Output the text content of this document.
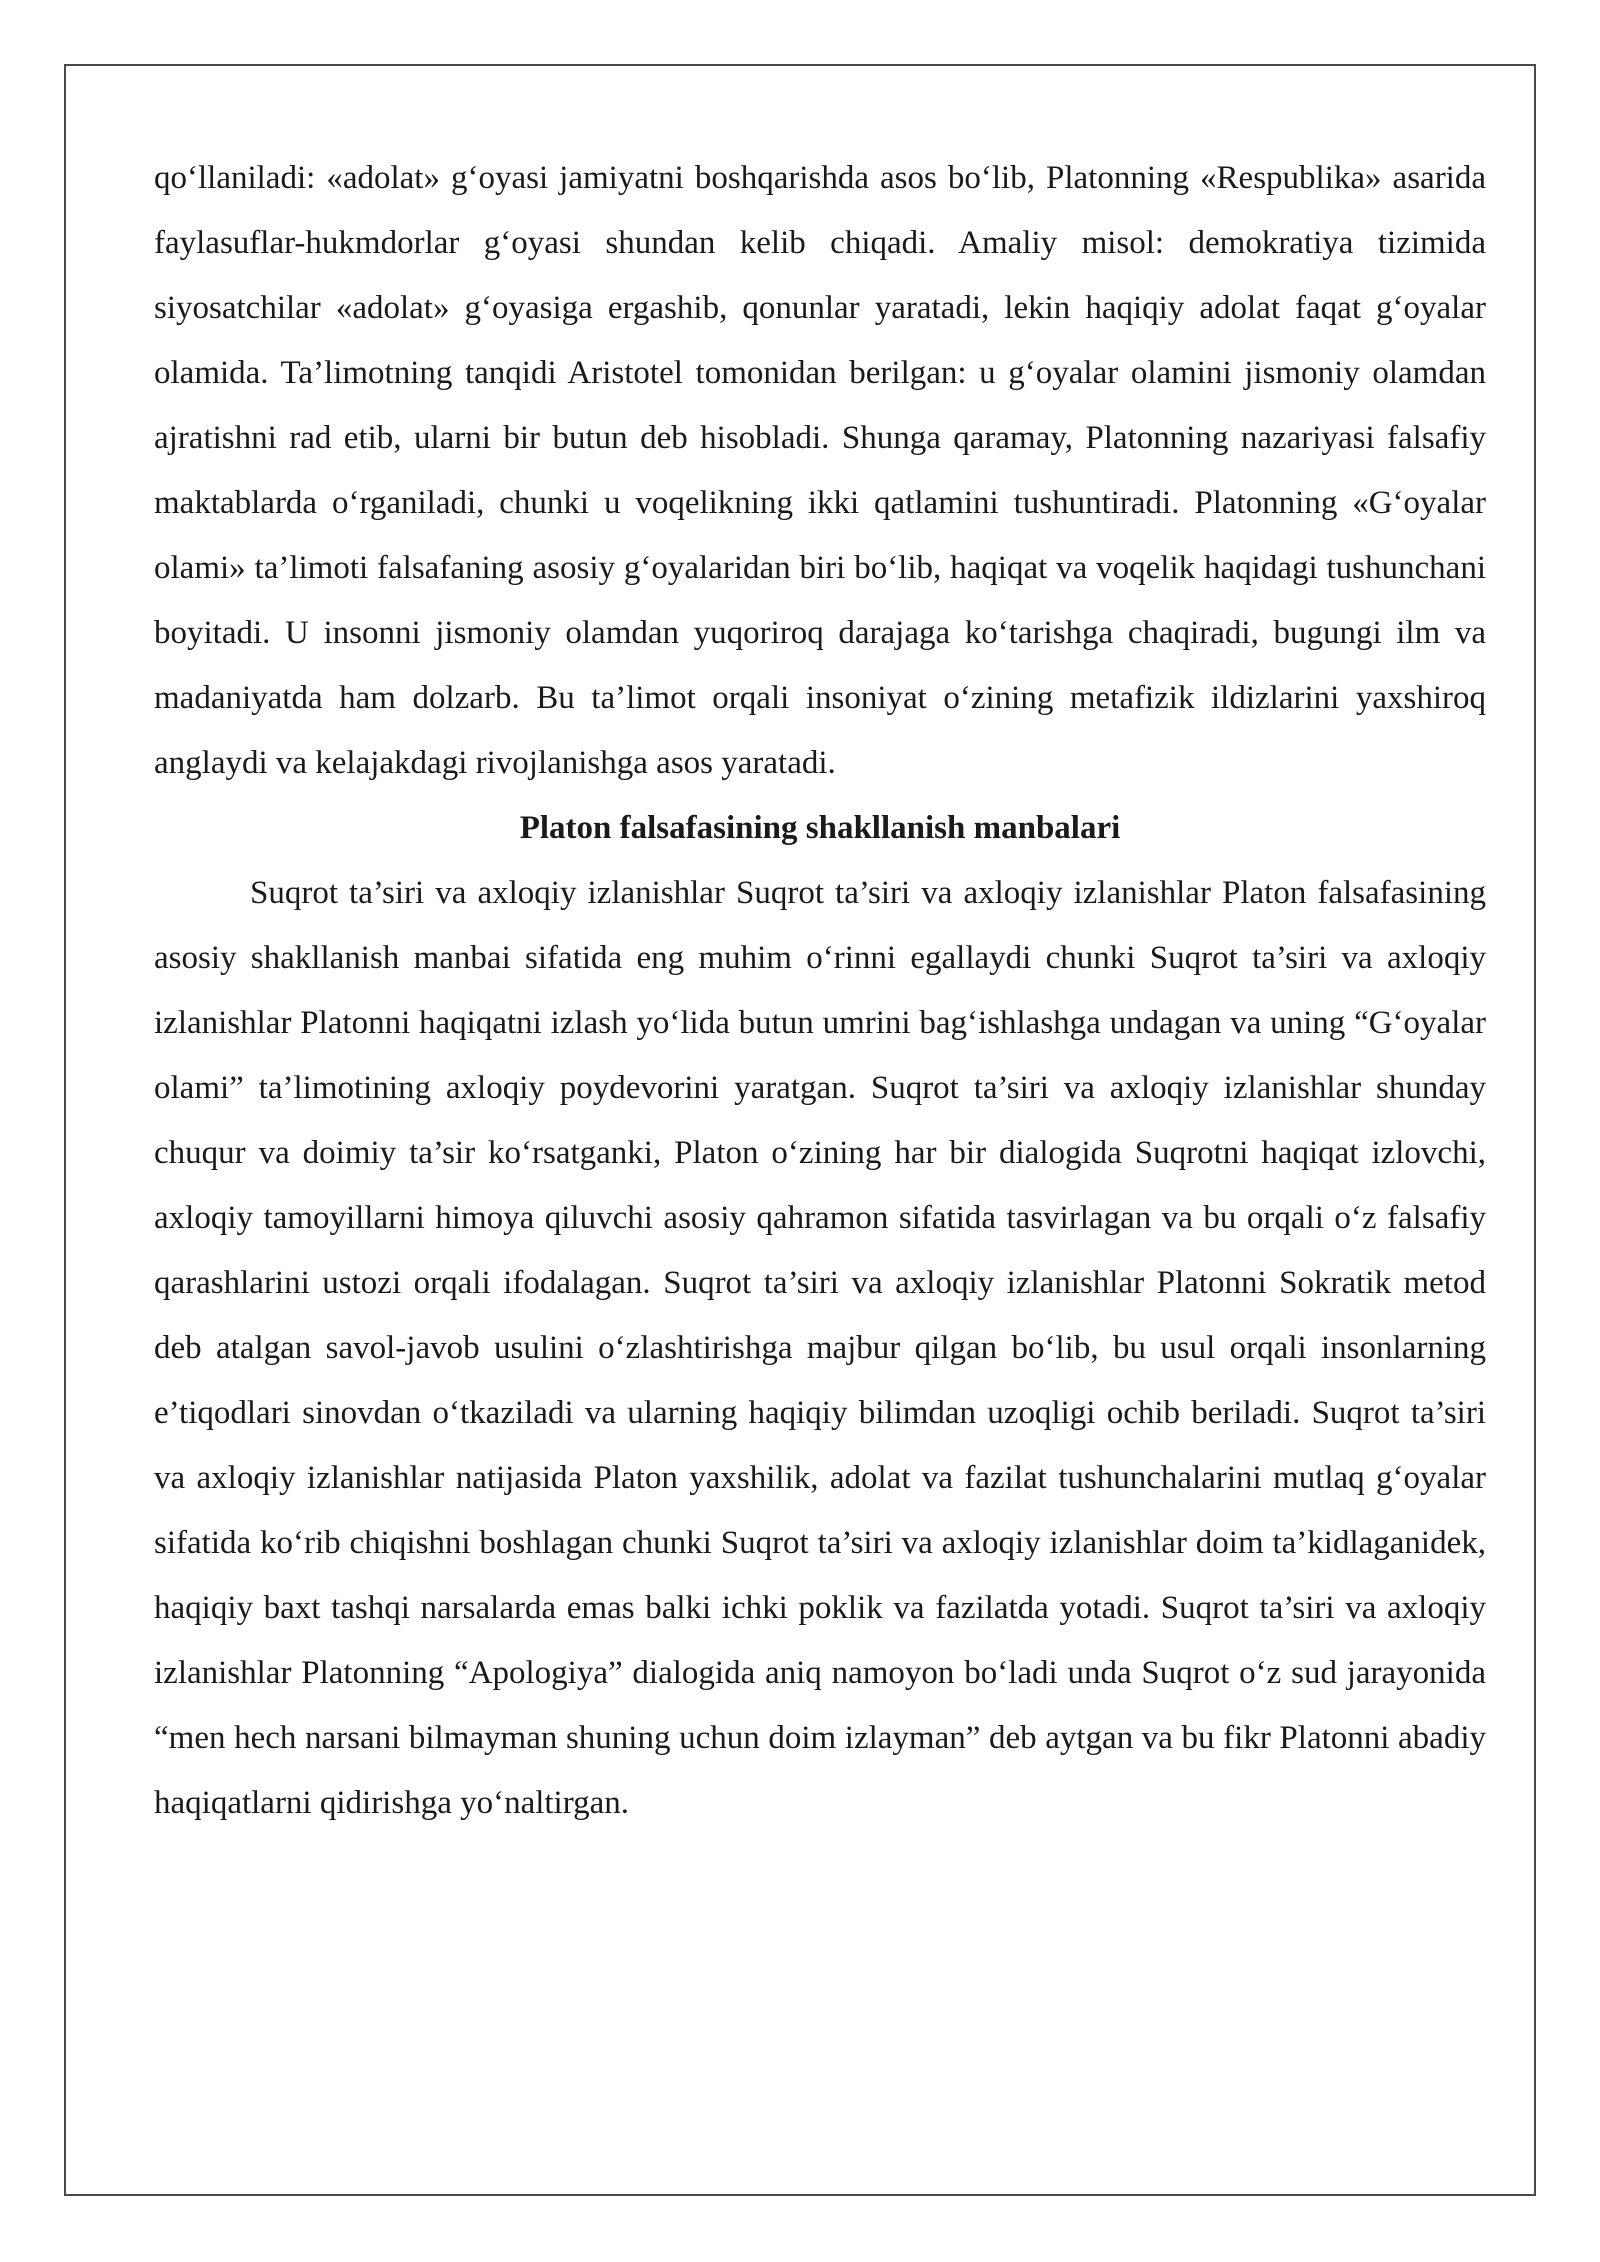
qo‘llaniladi: «adolat» g‘oyasi jamiyatni boshqarishda asos bo‘lib, Platonning «Respublika» asarida faylasuflar-hukmdorlar g‘oyasi shundan kelib chiqadi. Amaliy misol: demokratiya tizimida siyosatchilar «adolat» g‘oyasiga ergashib, qonunlar yaratadi, lekin haqiqiy adolat faqat g‘oyalar olamida. Ta’limotning tanqidi Aristotel tomonidan berilgan: u g‘oyalar olamini jismoniy olamdan ajratishni rad etib, ularni bir butun deb hisobladi. Shunga qaramay, Platonning nazariyasi falsafiy maktablarda o‘rganiladi, chunki u voqelikning ikki qatlamini tushuntiradi. Platonning «G‘oyalar olami» ta’limoti falsafaning asosiy g‘oyalaridan biri bo‘lib, haqiqat va voqelik haqidagi tushunchani boyitadi. U insonni jismoniy olamdan yuqoriroq darajaga ko‘tarishga chaqiradi, bugungi ilm va madaniyatda ham dolzarb. Bu ta’limot orqali insoniyat o‘zining metafizik ildizlarini yaxshiroq anglaydi va kelajakdagi rivojlanishga asos yaratadi.

Platon falsafasining shakllanish manbalari

Suqrot ta’siri va axloqiy izlanishlar Suqrot ta’siri va axloqiy izlanishlar Platon falsafasining asosiy shakllanish manbai sifatida eng muhim o‘rinni egallaydi chunki Suqrot ta’siri va axloqiy izlanishlar Platonni haqiqatni izlash yo‘lida butun umrini bag‘ishlashga undagan va uning “G‘oyalar olami” ta’limotining axloqiy poydevorini yaratgan. Suqrot ta’siri va axloqiy izlanishlar shunday chuqur va doimiy ta’sir ko‘rsatganki, Platon o‘zining har bir dialogida Suqrotni haqiqat izlovchi, axloqiy tamoyillarni himoya qiluvchi asosiy qahramon sifatida tasvirlagan va bu orqali o‘z falsafiy qarashlarini ustozi orqali ifodalagan. Suqrot ta’siri va axloqiy izlanishlar Platonni Sokratik metod deb atalgan savol-javob usulini o‘zlashtirishga majbur qilgan bo‘lib, bu usul orqali insonlarning e’tiqodlari sinovdan o‘tkaziladi va ularning haqiqiy bilimdan uzoqligi ochib beriladi. Suqrot ta’siri va axloqiy izlanishlar natijasida Platon yaxshilik, adolat va fazilat tushunchalarini mutlaq g‘oyalar sifatida ko‘rib chiqishni boshlagan chunki Suqrot ta’siri va axloqiy izlanishlar doim ta’kidlaganidek, haqiqiy baxt tashqi narsalarda emas balki ichki poklik va fazilatda yotadi. Suqrot ta’siri va axloqiy izlanishlar Platonning “Apologiya” dialogida aniq namoyon bo‘ladi unda Suqrot o‘z sud jarayonida “men hech narsani bilmayman shuning uchun doim izlayman” deb aytgan va bu fikr Platonni abadiy haqiqatlarni qidirishga yo‘naltirgan.
